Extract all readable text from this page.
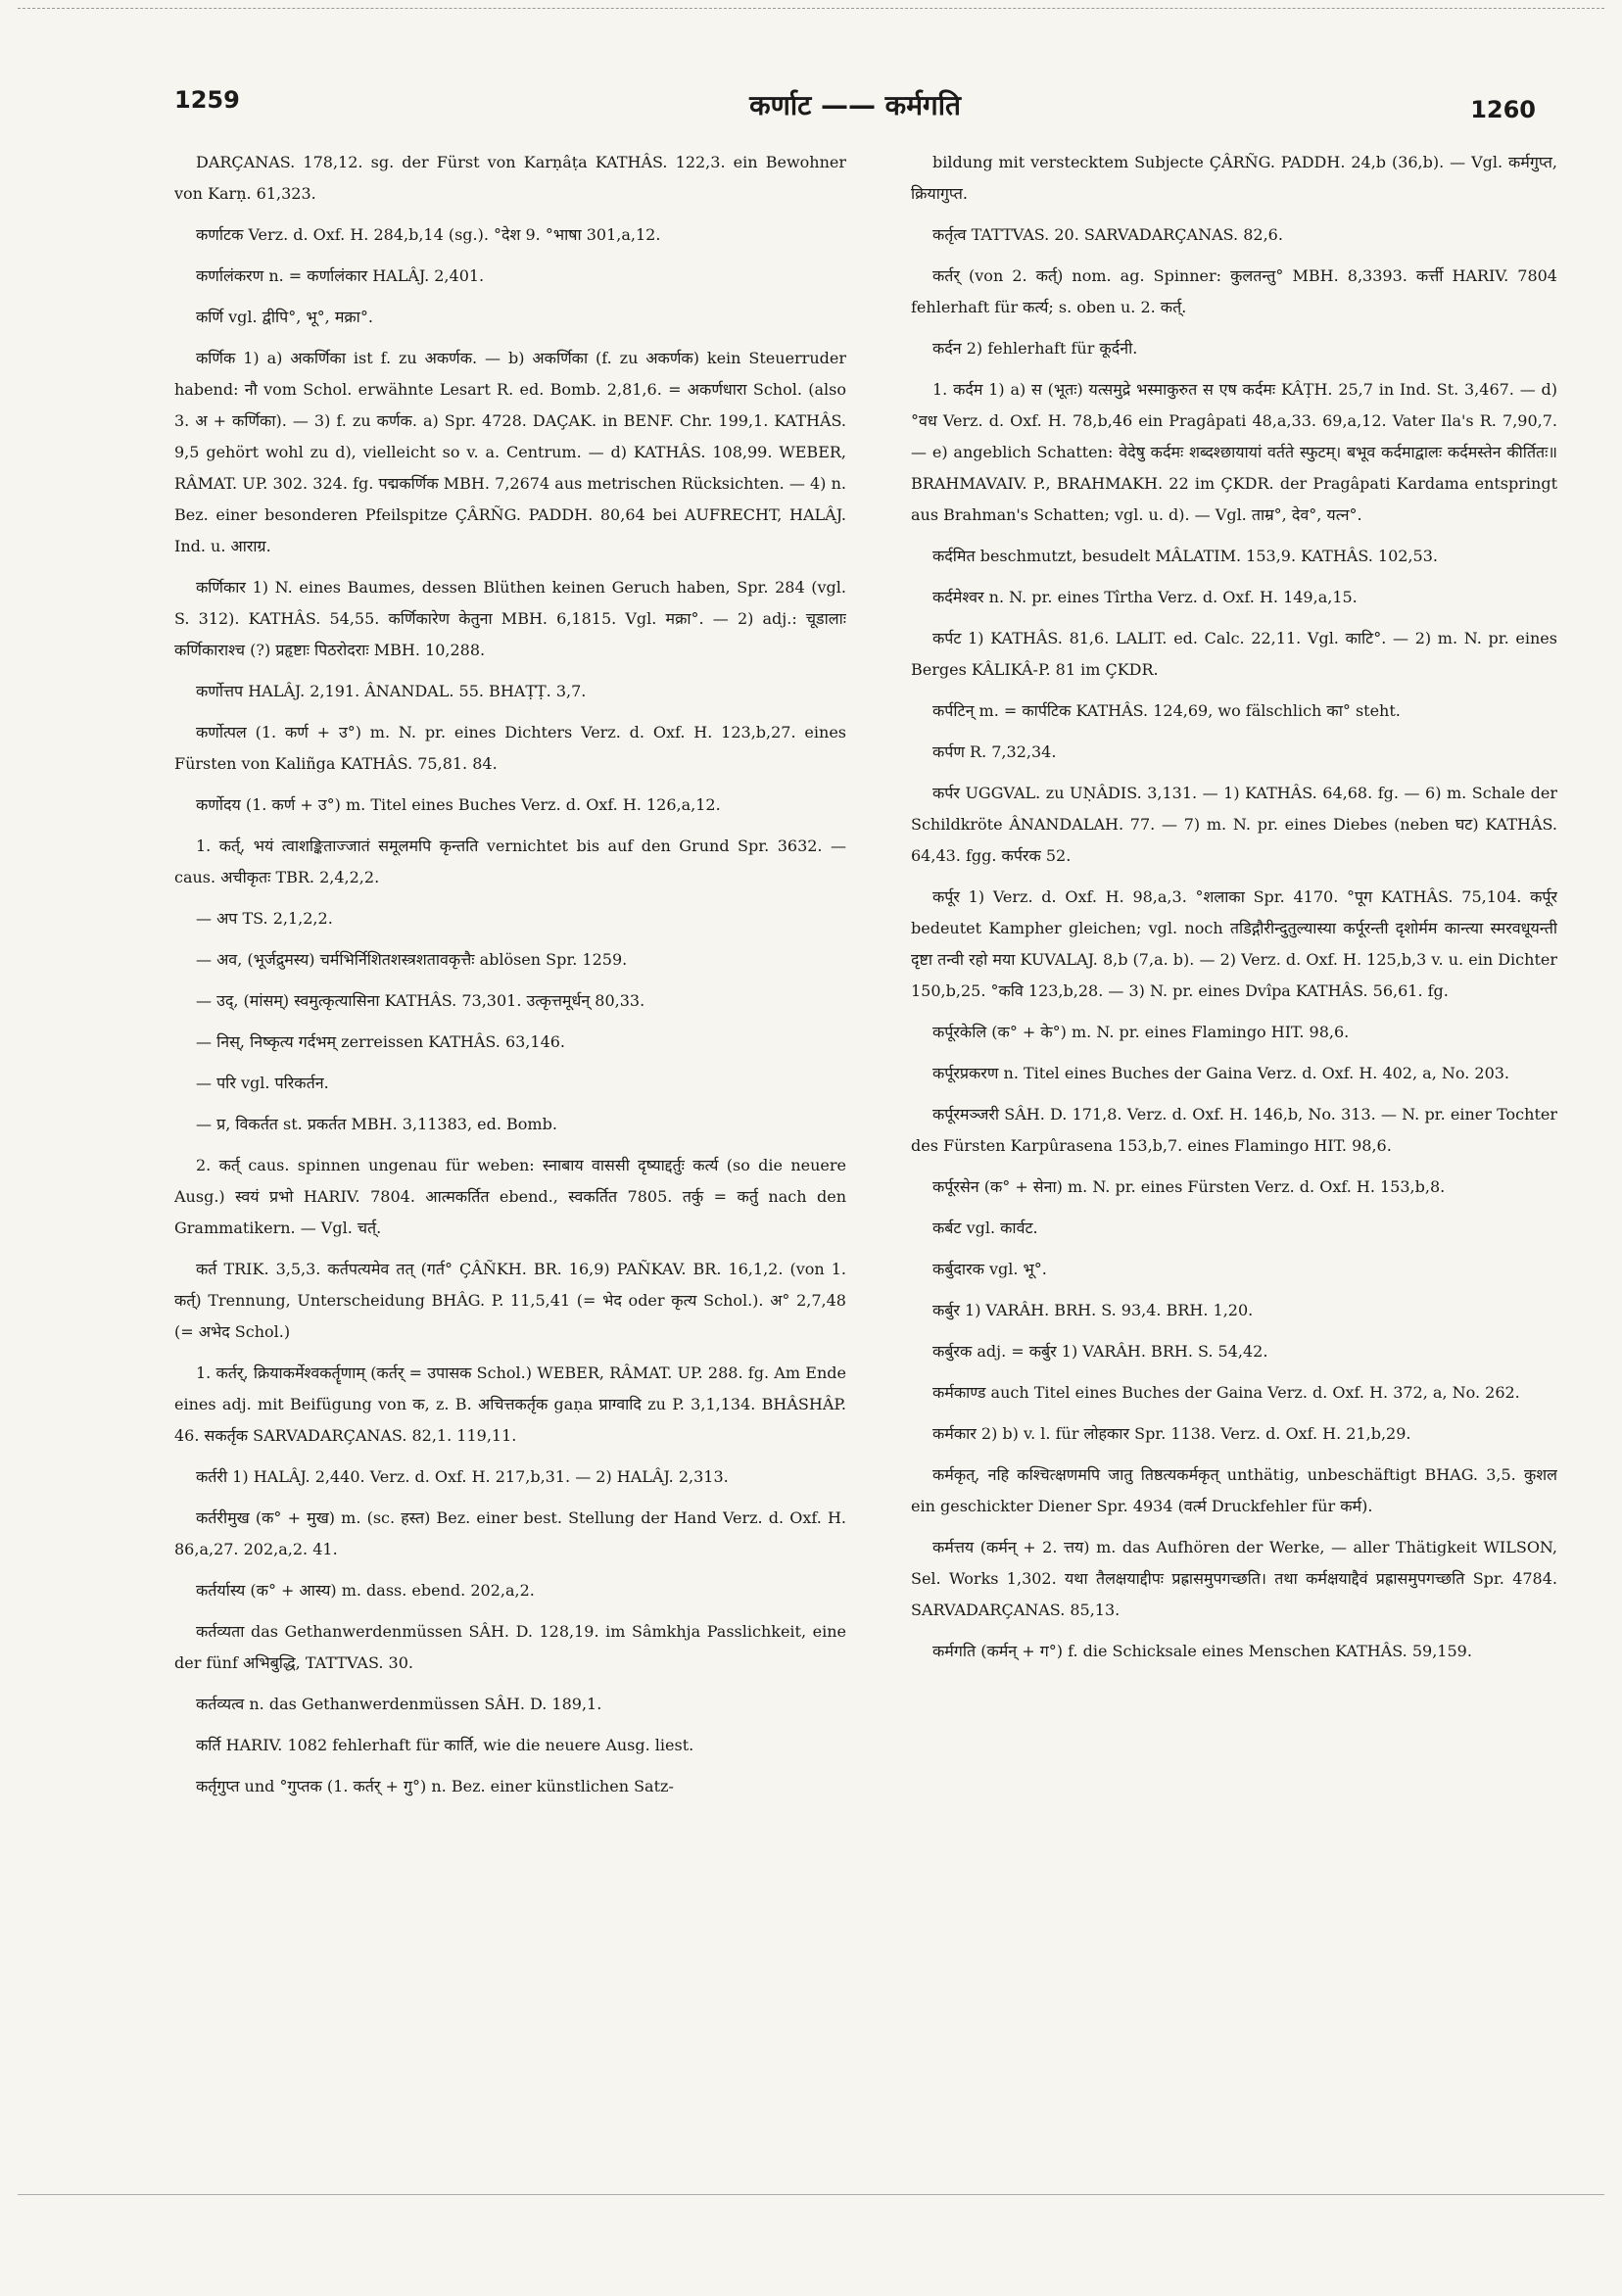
1259	कर्णाट —— कर्मगति	1260

DARÇANAS. 178,12. sg. der Fürst von Karṇâṭa KATHÂS. 122,3. ein Bewohner von Karṇ. 61,323.

कर्णाटक Verz. d. Oxf. H. 284,b,14 (sg.). °देश 9. °भाषा 301,a,12.

कर्णालंकरण n. = कर्णालंकार HALÂJ. 2,401.

कर्णि vgl. द्वीपि°, भू°, मक्रा°.

कर्णिक 1) a) अकर्णिका ist f. zu अकर्णक. — b) अकर्णिका (f. zu अकर्णक) kein Steuerruder habend: नौ vom Schol. erwähnte Lesart R. ed. Bomb. 2,81,6. = अकर्णधारा Schol. (also 3. अ + कर्णिका). — 3) f. zu कर्णक. a) Spr. 4728. DAÇAK. in BENF. Chr. 199,1. KATHÂS. 9,5 gehört wohl zu d), vielleicht so v. a. Centrum. — d) KATHÂS. 108,99. WEBER, RÂMAT. UP. 302. 324. fg. पद्मकर्णिक MBH. 7,2674 aus metrischen Rücksichten. — 4) n. Bez. einer besonderen Pfeilspitze ÇÂRÑG. PADDH. 80,64 bei AUFRECHT, HALÂJ. Ind. u. आराग्र.

कर्णिकार 1) N. eines Baumes, dessen Blüthen keinen Geruch haben, Spr. 284 (vgl. S. 312). KATHÂS. 54,55. कर्णिकारेण केतुना MBH. 6,1815. Vgl. मक्रा°. — 2) adj.: चूडालाः कर्णिकाराश्च (?) प्रहृष्टाः पिठरोदराः MBH. 10,288.

कर्णोत्तप HALÂJ. 2,191. ÂNANDAL. 55. BHAṬṬ. 3,7.

कर्णोत्पल (1. कर्ण + उ°) m. N. pr. eines Dichters Verz. d. Oxf. H. 123,b,27. eines Fürsten von Kaliñga KATHÂS. 75,81. 84.

कर्णोदय (1. कर्ण + उ°) m. Titel eines Buches Verz. d. Oxf. H. 126,a,12.

1. कर्त्, भयं त्वाशङ्किताज्जातं समूलमपि कृन्तति vernichtet bis auf den Grund Spr. 3632. — caus. अचीकृतः TBR. 2,4,2,2.

— अप TS. 2,1,2,2.

— अव, (भूर्जद्रुमस्य) चर्मभिर्निशितशस्त्रशतावकृत्तैः ablösen Spr. 1259.

— उद्, (मांसम्) स्वमुत्कृत्यासिना KATHÂS. 73,301. उत्कृत्तमूर्धन् 80,33.

— निस्, निष्कृत्य गर्दभम् zerreissen KATHÂS. 63,146.

— परि vgl. परिकर्तन.

— प्र, विकर्तत st. प्रकर्तत MBH. 3,11383, ed. Bomb.

2. कर्त् caus. spinnen ungenau für weben: स्नाबाय वाससी दृष्याद्दर्तुः कर्त्य (so die neuere Ausg.) स्वयं प्रभो HARIV. 7804. आत्मकर्तित ebend., स्वकर्तित 7805. तर्कु = कर्तु nach den Grammatikern. — Vgl. चर्त्.

कर्त TRIK. 3,5,3. कर्तपत्यमेव तत् (गर्त° ÇÂÑKH. BR. 16,9) PAÑKAV. BR. 16,1,2. (von 1. कर्त्) Trennung, Unterscheidung BHÂG. P. 11,5,41 (= भेद oder कृत्य Schol.). अ° 2,7,48 (= अभेद Schol.)

1. कर्तर्, क्रियाकर्मेश्वकर्तॄणाम् (कर्तर् = उपासक Schol.) WEBER, RÂMAT. UP. 288. fg. Am Ende eines adj. mit Beifügung von क, z. B. अचित्तकर्तृक gaṇa प्राग्वादि zu P. 3,1,134. BHÂSHÂP. 46. सकर्तृक SARVADARÇANAS. 82,1. 119,11.

कर्तरी 1) HALÂJ. 2,440. Verz. d. Oxf. H. 217,b,31. — 2) HALÂJ. 2,313.

कर्तरीमुख (क° + मुख) m. (sc. हस्त) Bez. einer best. Stellung der Hand Verz. d. Oxf. H. 86,a,27. 202,a,2. 41.

कर्तर्यास्य (क° + आस्य) m. dass. ebend. 202,a,2.

कर्तव्यता das Gethanwerdenmüssen SÂH. D. 128,19. im Sâmkhja Passlichkeit, eine der fünf अभिबुद्धि, TATTVAS. 30.

कर्तव्यत्व n. das Gethanwerdenmüssen SÂH. D. 189,1.

कर्ति HARIV. 1082 fehlerhaft für कार्ति, wie die neuere Ausg. liest.

कर्तृगुप्त und °गुप्तक (1. कर्तर् + गु°) n. Bez. einer künstlichen Satz-

bildung mit verstecktem Subjecte ÇÂRÑG. PADDH. 24,b (36,b). — Vgl. कर्मगुप्त, क्रियागुप्त.

कर्तृत्व TATTVAS. 20. SARVADARÇANAS. 82,6.

कर्तर् (von 2. कर्त्) nom. ag. Spinner: कुलतन्तु° MBH. 8,3393. कर्त्ती HARIV. 7804 fehlerhaft für कर्त्य; s. oben u. 2. कर्त्.

कर्दन 2) fehlerhaft für कूर्दनी.

1. कर्दम 1) a) स (भूतः) यत्समुद्रे भस्माकुरुत स एष कर्दमः KÂṬH. 25,7 in Ind. St. 3,467. — d) °वध Verz. d. Oxf. H. 78,b,46 ein Pragâpati 48,a,33. 69,a,12. Vater Ila's R. 7,90,7. — e) angeblich Schatten: वेदेषु कर्दमः शब्दश्छायायां वर्तते स्फुटम्। बभूव कर्दमाद्वालः कर्दमस्तेन कीर्तितः॥ BRAHMAVAIV. P., BRAHMAKH. 22 im ÇKDR. der Pragâpati Kardama entspringt aus Brahman's Schatten; vgl. u. d). — Vgl. ताम्र°, देव°, यत्न°.

कर्दमित beschmutzt, besudelt MÂLATIM. 153,9. KATHÂS. 102,53.

कर्दमेश्वर n. N. pr. eines Tîrtha Verz. d. Oxf. H. 149,a,15.

कर्पट 1) KATHÂS. 81,6. LALIT. ed. Calc. 22,11. Vgl. काटि°. — 2) m. N. pr. eines Berges KÂLIKÂ-P. 81 im ÇKDR.

कर्पटिन् m. = कार्पटिक KATHÂS. 124,69, wo fälschlich का° steht.

कर्पण R. 7,32,34.

कर्पर UGGVAL. zu UṆÂDIS. 3,131. — 1) KATHÂS. 64,68. fg. — 6) m. Schale der Schildkröte ÂNANDALAH. 77. — 7) m. N. pr. eines Diebes (neben घट) KATHÂS. 64,43. fgg. कर्परक 52.

कर्पूर 1) Verz. d. Oxf. H. 98,a,3. °शलाका Spr. 4170. °पूग KATHÂS. 75,104. कर्पूर bedeutet Kampher gleichen; vgl. noch तडिद्गौरीन्दुतुल्यास्या कर्पूरन्ती दृशोर्मम कान्त्या स्मरवधूयन्ती दृष्टा तन्वी रहो मया KUVALAJ. 8,b (7,a. b). — 2) Verz. d. Oxf. H. 125,b,3 v. u. ein Dichter 150,b,25. °कवि 123,b,28. — 3) N. pr. eines Dvîpa KATHÂS. 56,61. fg.

कर्पूरकेलि (क° + के°) m. N. pr. eines Flamingo HIT. 98,6.

कर्पूरप्रकरण n. Titel eines Buches der Gaina Verz. d. Oxf. H. 402, a, No. 203.

कर्पूरमञ्जरी SÂH. D. 171,8. Verz. d. Oxf. H. 146,b, No. 313. — N. pr. einer Tochter des Fürsten Karpûrasena 153,b,7. eines Flamingo HIT. 98,6.

कर्पूरसेन (क° + सेना) m. N. pr. eines Fürsten Verz. d. Oxf. H. 153,b,8.

कर्बट vgl. कार्वट.

कर्बुदारक vgl. भू°.

कर्बुर 1) VARÂH. BRH. S. 93,4. BRH. 1,20.

कर्बुरक adj. = कर्बुर 1) VARÂH. BRH. S. 54,42.

कर्मकाण्ड auch Titel eines Buches der Gaina Verz. d. Oxf. H. 372, a, No. 262.

कर्मकार 2) b) v. l. für लोहकार Spr. 1138. Verz. d. Oxf. H. 21,b,29.

कर्मकृत्, नहि कश्चित्क्षणमपि जातु तिष्ठत्यकर्मकृत् unthätig, unbeschäftigt BHAG. 3,5. कुशल ein geschickter Diener Spr. 4934 (वर्त्म Druckfehler für कर्म).

कर्मत्तय (कर्मन् + 2. त्तय) m. das Aufhören der Werke, — aller Thätigkeit WILSON, Sel. Works 1,302. यथा तैलक्षयाद्दीपः प्रह्रासमुपगच्छति। तथा कर्मक्षयाद्दैवं प्रह्रासमुपगच्छति Spr. 4784. SARVADARÇANAS. 85,13.

कर्मगति (कर्मन् + ग°) f. die Schicksale eines Menschen KATHÂS. 59,159.
